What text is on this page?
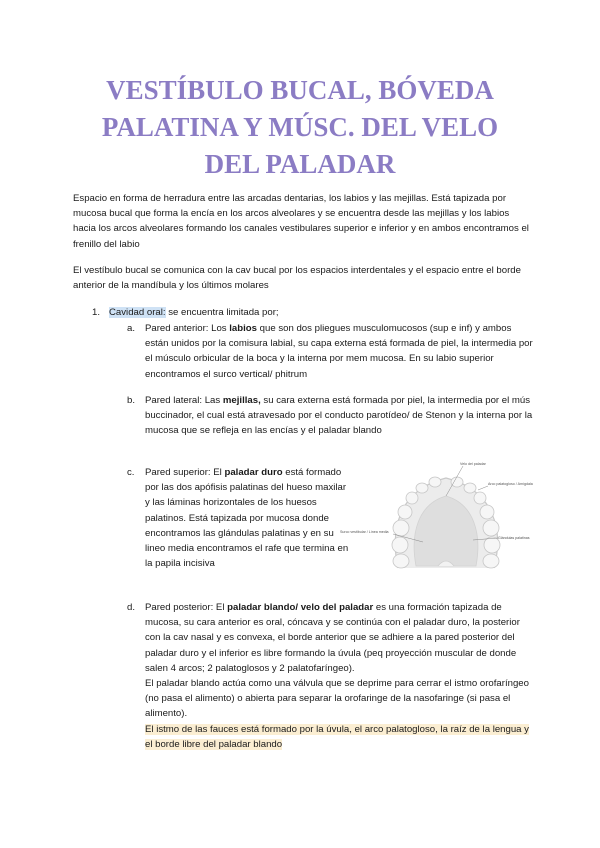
VESTÍBULO BUCAL, BÓVEDA
PALATINA Y MÚSC. DEL VELO
DEL PALADAR

Espacio en forma de herradura entre las arcadas dentarias, los labios y las mejillas. Está tapizada por mucosa bucal que forma la encía en los arcos alveolares y se encuentra desde las mejillas y los labios hacia los arcos alveolares formando los canales vestibulares superior e inferior y en ambos encontramos el frenillo del labio

El vestíbulo bucal se comunica con la cav bucal por los espacios interdentales y el espacio entre el borde anterior de la mandíbula y los últimos molares

1. Cavidad oral: se encuentra limitada por;
a. Pared anterior: Los labios que son dos pliegues musculomucosos (sup e inf) y ambos están unidos por la comisura labial, su capa externa está formada de piel, la intermedia por el músculo orbicular de la boca y la interna por mem mucosa. En su labio superior encontramos el surco vertical/ phitrum
b. Pared lateral: Las mejillas, su cara externa está formada por piel, la intermedia por el mús buccinador, el cual está atravesado por el conducto parotídeo/ de Stenon y la interna por la mucosa que se refleja en las encías y el paladar blando
c. Pared superior: El paladar duro está formado por las dos apófisis palatinas del hueso maxilar y las láminas horizontales de los huesos palatinos. Está tapizada por mucosa donde encontramos las glándulas palatinas y en su lineo media encontramos el rafe que termina en la papila incisiva
Velo del paladar
Arco palatogloso / Amígdala
Surco vestibular / Línea media
Glándulas palatinas
d. Pared posterior: El paladar blando/ velo del paladar es una formación tapizada de mucosa, su cara anterior es oral, cóncava y se continúa con el paladar duro, la posterior con la cav nasal y es convexa, el borde anterior que se adhiere a la pared posterior del paladar duro y el inferior es libre formando la úvula (peq proyección muscular de donde salen 4 arcos; 2 palatoglosos y 2 palatofaríngeo).
El paladar blando actúa como una válvula que se deprime para cerrar el istmo orofaríngeo (no pasa el alimento) o abierta para separar la orofaringe de la nasofaringe (si pasa el alimento).
El istmo de las fauces está formado por la úvula, el arco palatogloso, la raíz de la lengua y el borde libre del paladar blando
